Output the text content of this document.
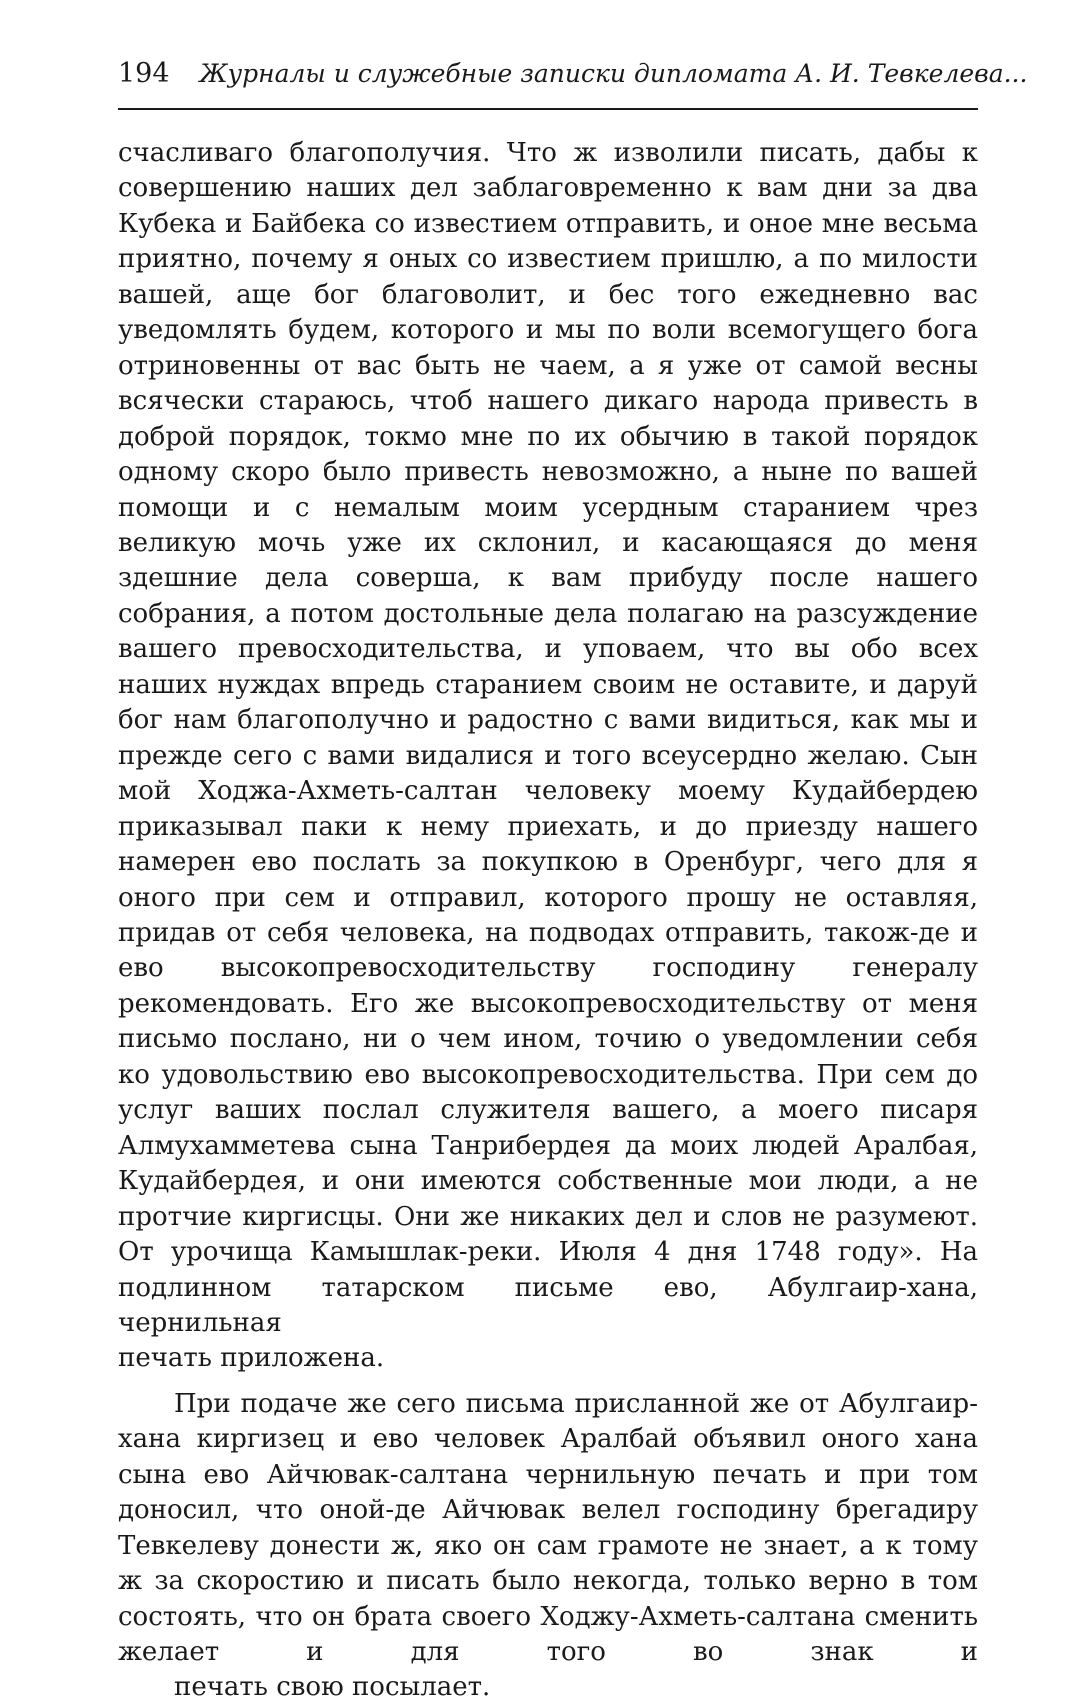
194 Журналы и служебные записки дипломата А. И. Тевкелева...

счасливаго благополучия. Что ж изволили писать, дабы к совершению наших дел заблаговременно к вам дни за два Кубека и Байбека со известием отправить, и оное мне весьма приятно, почему я оных со известием пришлю, а по милости вашей, аще бог благоволит, и бес того ежедневно вас уведомлять будем, которого и мы по воли всемогущего бога отриновенны от вас быть не чаем, а я уже от самой весны всячески стараюсь, чтоб нашего дикаго народа привесть в доброй порядок, токмо мне по их обычию в такой порядок одному скоро было привесть невозможно, а ныне по вашей помощи и с немалым моим усердным старанием чрез великую мочь уже их склонил, и касающаяся до меня здешние дела соверша, к вам прибуду после нашего собрания, а потом достольные дела полагаю на разсуждение вашего превосходительства, и уповаем, что вы обо всех наших нуждах впредь старанием своим не оставите, и даруй бог нам благополучно и радостно с вами видиться, как мы и прежде сего с вами видалися и того всеусердно желаю. Сын мой Ходжа-Ахметь-салтан человеку моему Кудайбердею приказывал паки к нему приехать, и до приезду нашего намерен ево послать за покупкою в Оренбург, чего для я оного при сем и отправил, которого прошу не оставляя, придав от себя человека, на подводах отправить, також-де и ево высокопревосходительству господину генералу рекомендовать. Его же высокопревосходительству от меня письмо послано, ни о чем ином, точию о уведомлении себя ко удовольствию ево высокопревосходительства. При сем до услуг ваших послал служителя вашего, а моего писаря Алмухамметева сына Танрибердея да моих людей Аралбая, Кудайбердея, и они имеются собственные мои люди, а не протчие киргисцы. Они же никаких дел и слов не разумеют. От урочища Камышлак-реки. Июля 4 дня 1748 году». На подлинном татарском письме ево, Абулгаир-хана, чернильная
печать приложена.

При подаче же сего письма присланной же от Абулгаир-хана киргизец и ево человек Аралбай объявил оного хана сына ево Айчювак-салтана чернильную печать и при том доносил, что оной-де Айчювак велел господину брегадиру Тевкелеву донести ж, яко он сам грамоте не знает, а к тому ж за скоростию и писать было некогда, только верно в том состоять, что он брата своего Ходжу-Ахметь-салтана сменить желает и для того во знак и
печать свою посылает.
